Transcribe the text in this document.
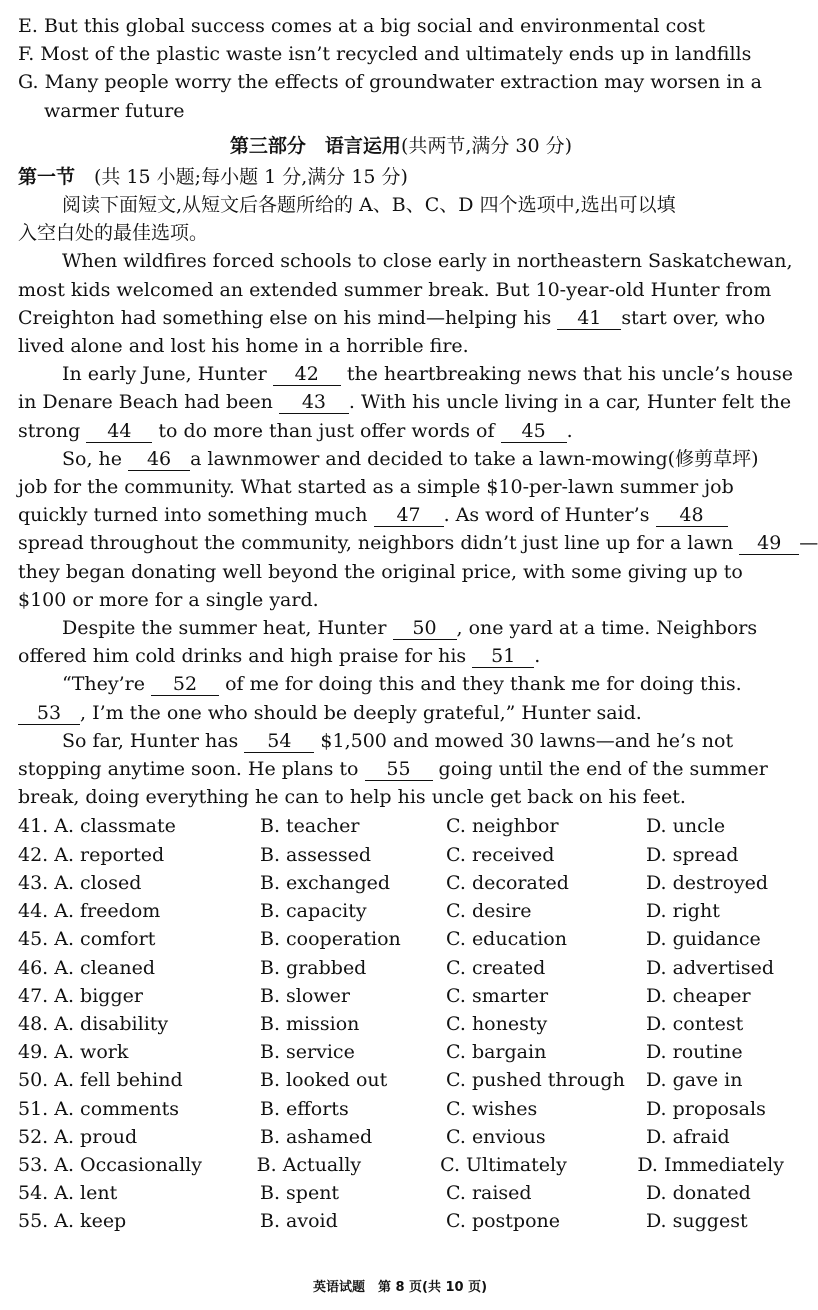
E. But this global success comes at a big social and environmental cost
F. Most of the plastic waste isn’t recycled and ultimately ends up in landfills
G. Many people worry the effects of groundwater extraction may worsen in a
warmer future
第三部分　语言运用(共两节,满分 30 分)
第一节　(共 15 小题;每小题 1 分,满分 15 分)
阅读下面短文,从短文后各题所给的 A、B、C、D 四个选项中,选出可以填
入空白处的最佳选项。
When wildfires forced schools to close early in northeastern Saskatchewan,
most kids welcomed an extended summer break. But 10-year-old Hunter from
Creighton had something else on his mind—helping his 41 start over, who
lived alone and lost his home in a horrible fire.
In early June, Hunter 42 the heartbreaking news that his uncle’s house
in Denare Beach had been 43 . With his uncle living in a car, Hunter felt the
strong 44 to do more than just offer words of 45 .
So, he 46 a lawnmower and decided to take a lawn-mowing(修剪草坪)
job for the community. What started as a simple $10-per-lawn summer job
quickly turned into something much 47 . As word of Hunter’s 48
spread throughout the community, neighbors didn’t just line up for a lawn 49 —
they began donating well beyond the original price, with some giving up to
$100 or more for a single yard.
Despite the summer heat, Hunter 50 , one yard at a time. Neighbors
offered him cold drinks and high praise for his 51 .
“They’re 52 of me for doing this and they thank me for doing this.
53 , I’m the one who should be deeply grateful,” Hunter said.
So far, Hunter has 54 $1,500 and mowed 30 lawns—and he’s not
stopping anytime soon. He plans to 55 going until the end of the summer
break, doing everything he can to help his uncle get back on his feet.
41. A. classmate	B. teacher	C. neighbor	D. uncle
42. A. reported	B. assessed	C. received	D. spread
43. A. closed	B. exchanged	C. decorated	D. destroyed
44. A. freedom	B. capacity	C. desire	D. right
45. A. comfort	B. cooperation	C. education	D. guidance
46. A. cleaned	B. grabbed	C. created	D. advertised
47. A. bigger	B. slower	C. smarter	D. cheaper
48. A. disability	B. mission	C. honesty	D. contest
49. A. work	B. service	C. bargain	D. routine
50. A. fell behind	B. looked out	C. pushed through	D. gave in
51. A. comments	B. efforts	C. wishes	D. proposals
52. A. proud	B. ashamed	C. envious	D. afraid
53. A. Occasionally	B. Actually	C. Ultimately	D. Immediately
54. A. lent	B. spent	C. raised	D. donated
55. A. keep	B. avoid	C. postpone	D. suggest
英语试题　第 8 页(共 10 页)
